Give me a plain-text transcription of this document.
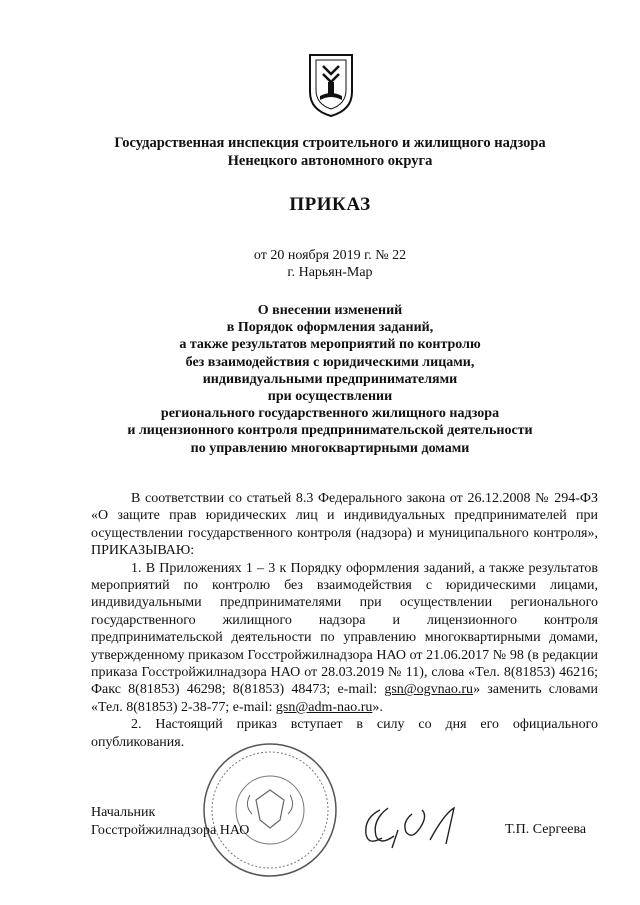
Государственная инспекция строительного и жилищного надзора
Ненецкого автономного округа
ПРИКАЗ
от 20 ноября 2019 г. № 22
г. Нарьян-Мар
О внесении изменений
в Порядок оформления заданий,
а также результатов мероприятий по контролю
без взаимодействия с юридическими лицами,
индивидуальными предпринимателями
при осуществлении
регионального государственного жилищного надзора
и лицензионного контроля предпринимательской деятельности
по управлению многоквартирными домами

В соответствии со статьей 8.3 Федерального закона от 26.12.2008 № 294-ФЗ «О защите прав юридических лиц и индивидуальных предпринимателей при осуществлении государственного контроля (надзора) и муниципального контроля», ПРИКАЗЫВАЮ:

1. В Приложениях 1 – 3 к Порядку оформления заданий, а также результатов мероприятий по контролю без взаимодействия с юридическими лицами, индивидуальными предпринимателями при осуществлении регионального государственного жилищного надзора и лицензионного контроля предпринимательской деятельности по управлению многоквартирными домами, утвержденному приказом Госстройжилнадзора НАО от 21.06.2017 № 98 (в редакции приказа Госстройжилнадзора НАО от 28.03.2019 № 11), слова «Тел. 8(81853) 46216; Факс 8(81853) 46298; 8(81853) 48473; e-mail: gsn@ogvnao.ru» заменить словами «Тел. 8(81853) 2-38-77; e-mail: gsn@adm-nao.ru».

2. Настоящий приказ вступает в силу со дня его официального опубликования.

Начальник
Госстройжилнадзора НАО	Т.П. Сергеева
